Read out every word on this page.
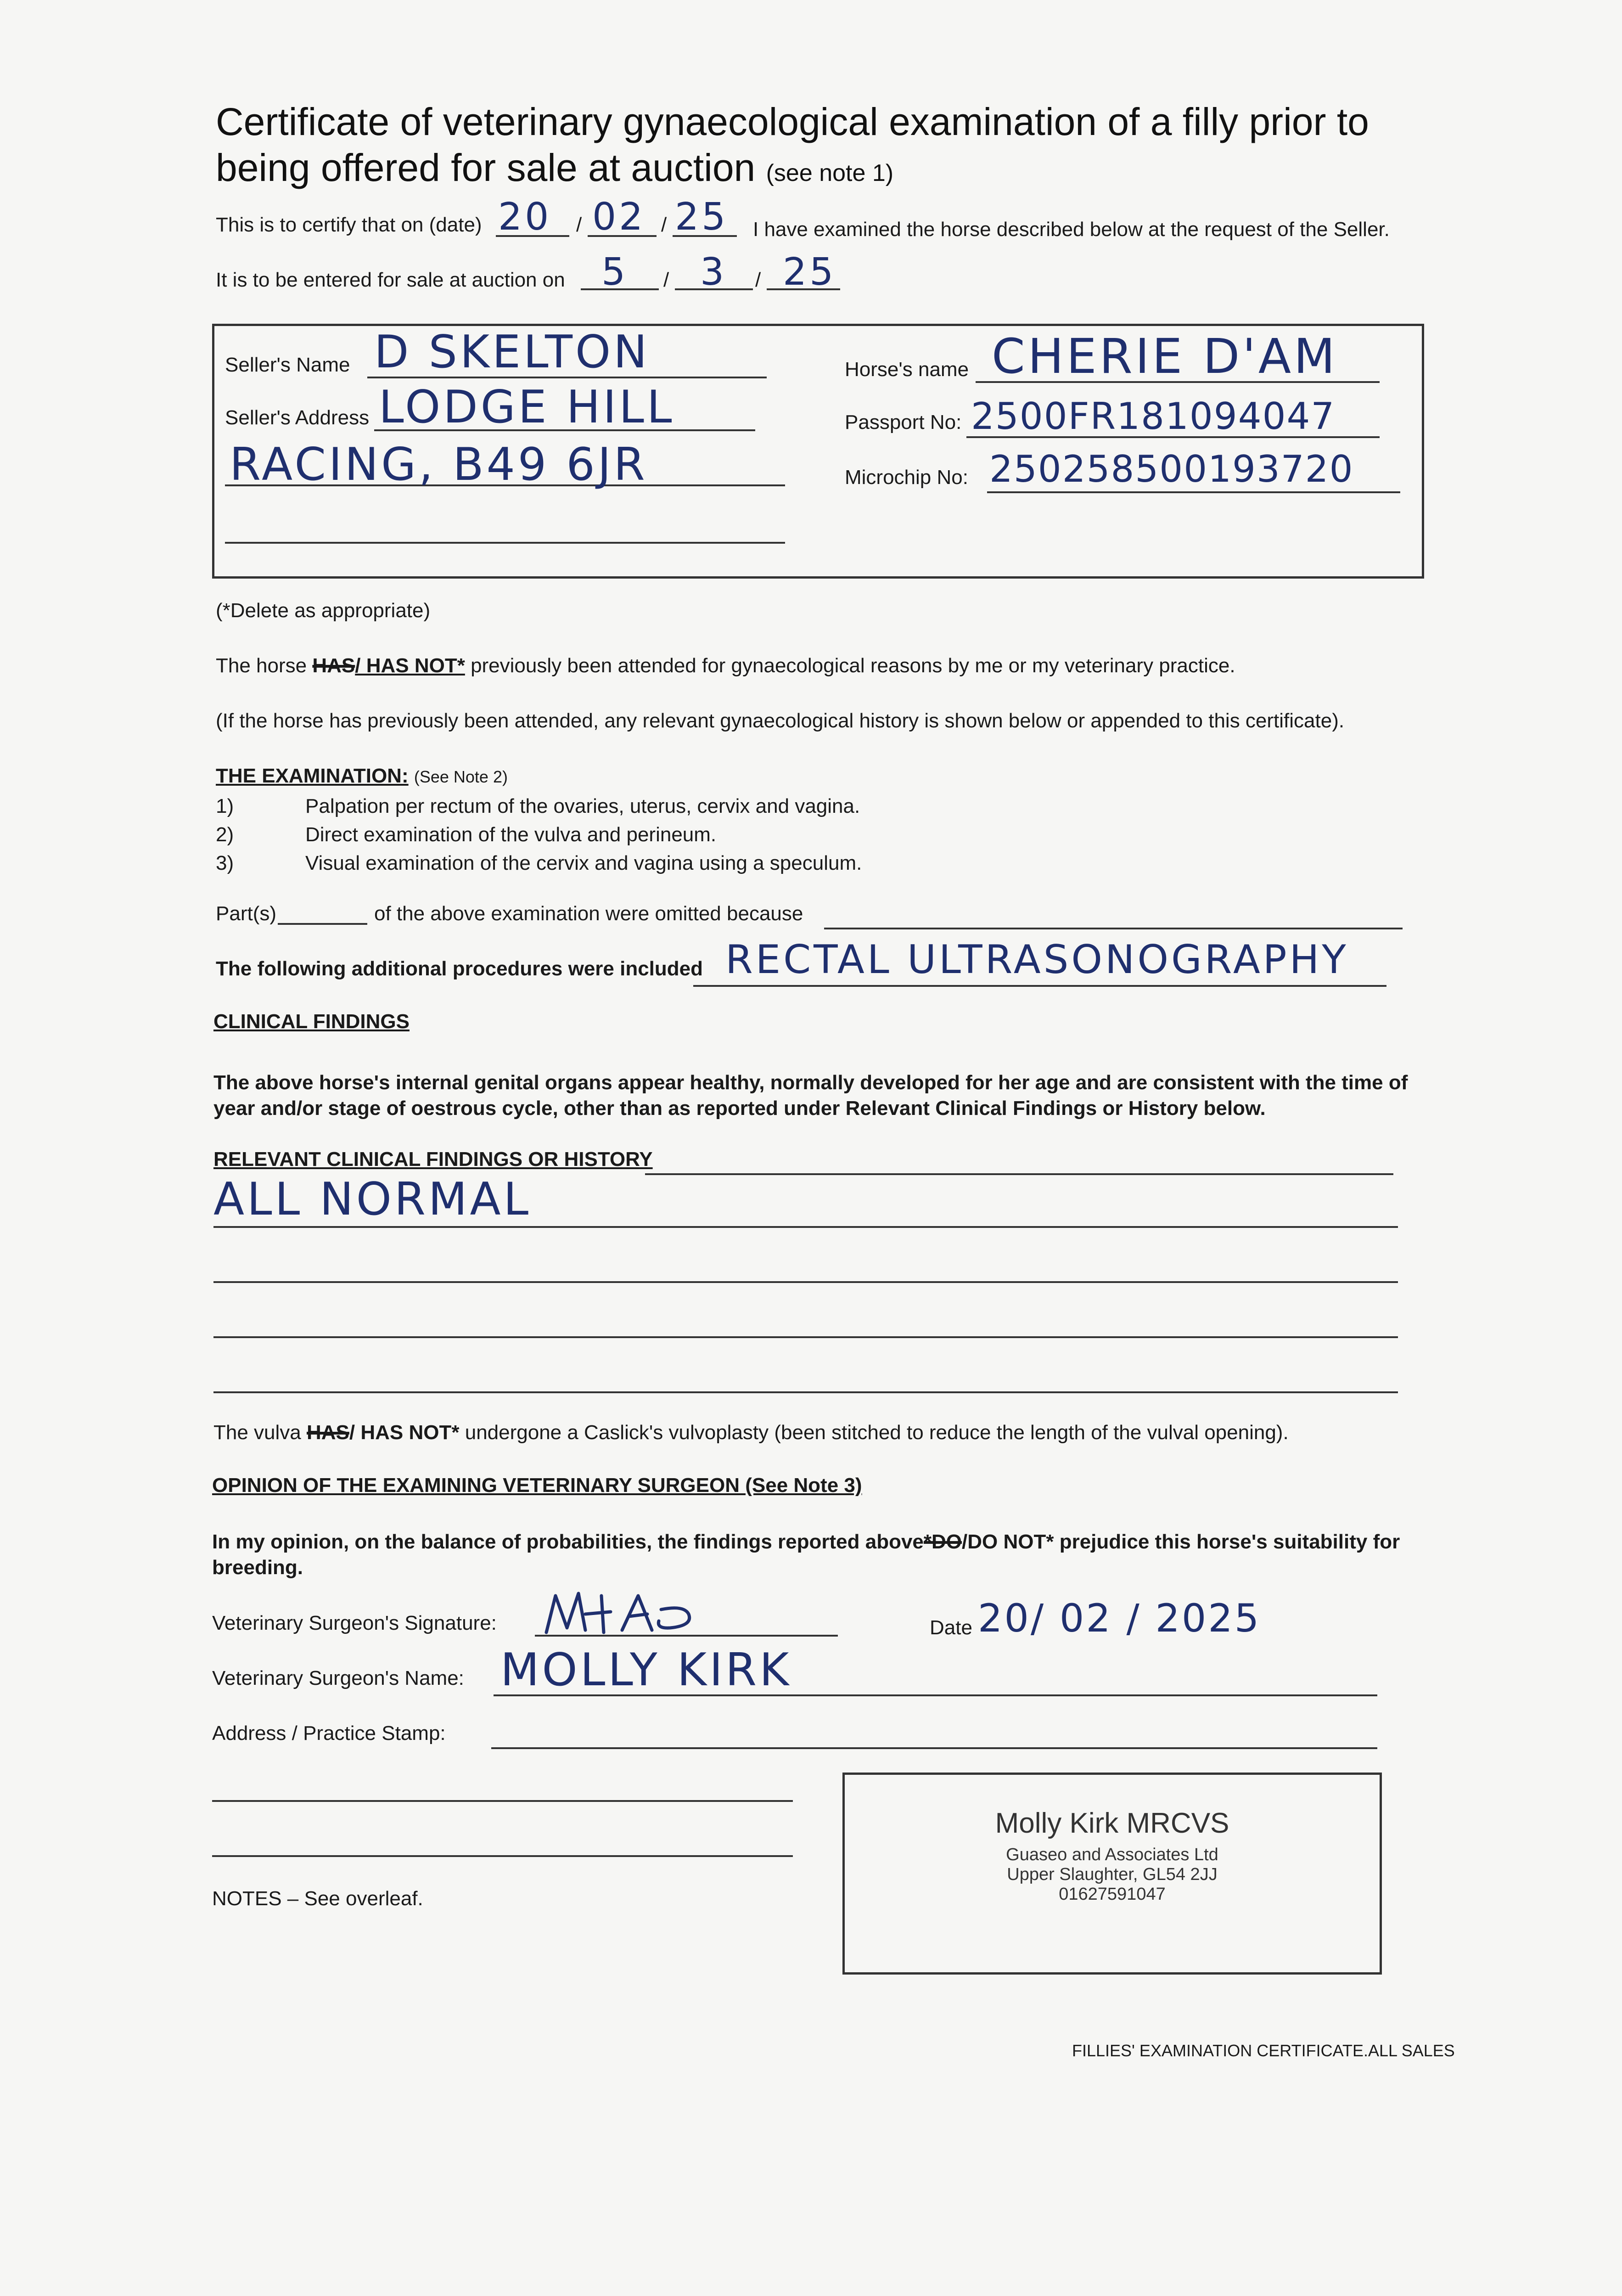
Certificate of veterinary gynaecological examination of a filly prior to
being offered for sale at auction (see note 1)
This is to certify that on (date) 20 / 02 / 25 I have examined the horse described below at the request of the Seller.
It is to be entered for sale at auction on 5 / 3 / 25
Seller's Name D SKELTON
Seller's Address LODGE HILL
RACING, B49 6JR
Horse's name CHERIE D'AM
Passport No: 2500FR181094047
Microchip No: 250258500193720
(*Delete as appropriate)
The horse HAS/ HAS NOT* previously been attended for gynaecological reasons by me or my veterinary practice.
(If the horse has previously been attended, any relevant gynaecological history is shown below or appended to this certificate).
THE EXAMINATION: (See Note 2)
1)	Palpation per rectum of the ovaries, uterus, cervix and vagina.
2)	Direct examination of the vulva and perineum.
3)	Visual examination of the cervix and vagina using a speculum.
Part(s)	of the above examination were omitted because
The following additional procedures were included RECTAL ULTRASONOGRAPHY
CLINICAL FINDINGS
The above horse's internal genital organs appear healthy, normally developed for her age and are consistent with the time of year and/or stage of oestrous cycle, other than as reported under Relevant Clinical Findings or History below.
RELEVANT CLINICAL FINDINGS OR HISTORY
ALL NORMAL
The vulva HAS/ HAS NOT* undergone a Caslick's vulvoplasty (been stitched to reduce the length of the vulval opening).
OPINION OF THE EXAMINING VETERINARY SURGEON (See Note 3)
In my opinion, on the balance of probabilities, the findings reported above*DO/DO NOT* prejudice this horse's suitability for breeding.
Veterinary Surgeon's Signature:	Date 20/ 02 / 2025
Veterinary Surgeon's Name: MOLLY KIRK
Address / Practice Stamp:
NOTES – See overleaf.
Molly Kirk MRCVS
Guaseo and Associates Ltd
Upper Slaughter, GL54 2JJ
01627591047
FILLIES' EXAMINATION CERTIFICATE.ALL SALES
